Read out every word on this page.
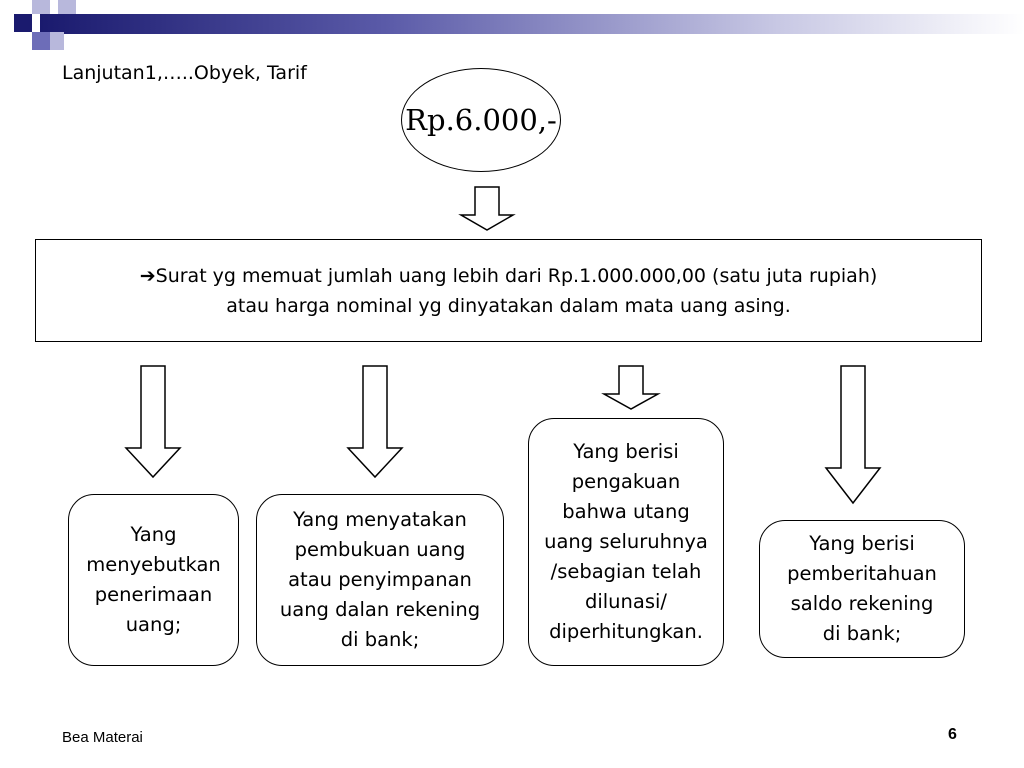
Lanjutan1,…..Obyek, Tarif
Rp.6.000,-
➔Surat yg memuat jumlah uang lebih dari Rp.1.000.000,00 (satu juta rupiah)
atau harga nominal yg dinyatakan dalam mata uang asing.
Yang
menyebutkan
penerimaan
uang;
Yang menyatakan
pembukuan uang
atau penyimpanan
uang dalan rekening
di bank;
Yang berisi
pengakuan
bahwa utang
uang seluruhnya
/sebagian telah
dilunasi/
diperhitungkan.
Yang berisi
pemberitahuan
saldo rekening
di bank;
Bea Materai	6
